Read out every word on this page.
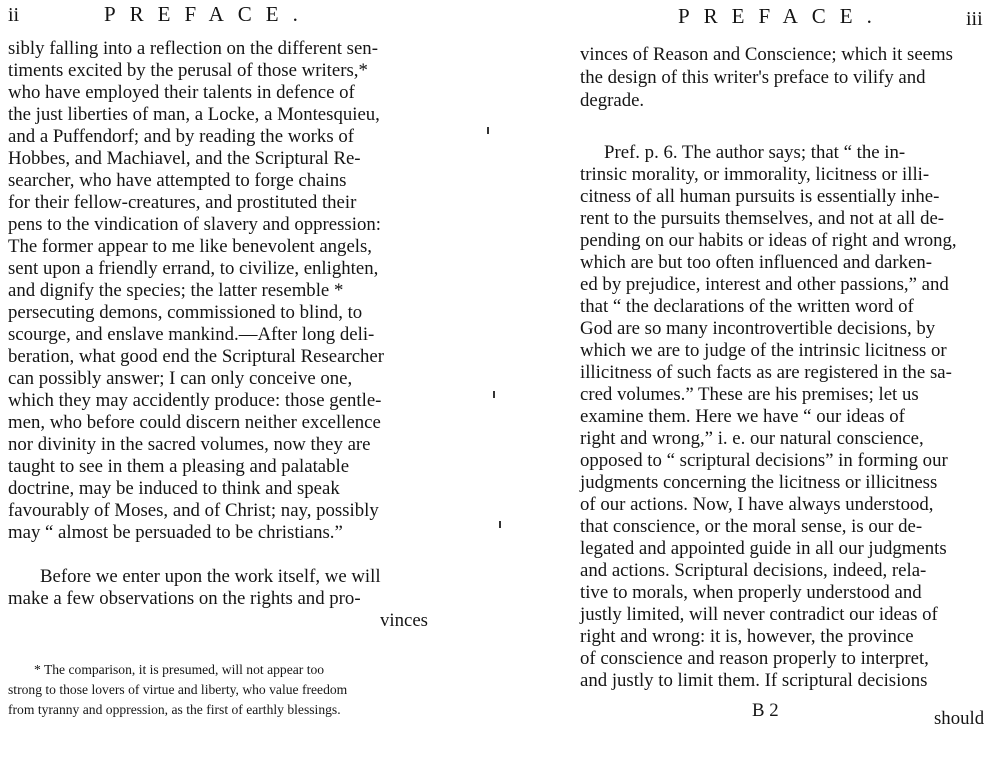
ii	PREFACE.
sibly falling into a reflection on the different sen-
timents excited by the perusal of those writers,*
who have employed their talents in defence of
the just liberties of man, a Locke, a Montesquieu,
and a Puffendorf; and by reading the works of
Hobbes, and Machiavel, and the Scriptural Re-
searcher, who have attempted to forge chains
for their fellow-creatures, and prostituted their
pens to the vindication of slavery and oppression:
The former appear to me like benevolent angels,
sent upon a friendly errand, to civilize, enlighten,
and dignify the species; the latter resemble *
persecuting demons, commissioned to blind, to
scourge, and enslave mankind.—After long deli-
beration, what good end the Scriptural Researcher
can possibly answer; I can only conceive one,
which they may accidently produce: those gentle-
men, who before could discern neither excellence
nor divinity in the sacred volumes, now they are
taught to see in them a pleasing and palatable
doctrine, may be induced to think and speak
favourably of Moses, and of Christ; nay, possibly
may “ almost be persuaded to be christians.”
Before we enter upon the work itself, we will
make a few observations on the rights and pro-
vinces
* The comparison, it is presumed, will not appear too
strong to those lovers of virtue and liberty, who value freedom
from tyranny and oppression, as the first of earthly blessings.
PREFACE.	iii
vinces of Reason and Conscience; which it seems
the design of this writer's preface to vilify and
degrade.
Pref. p. 6. The author says; that “ the in-
trinsic morality, or immorality, licitness or illi-
citness of all human pursuits is essentially inhe-
rent to the pursuits themselves, and not at all de-
pending on our habits or ideas of right and wrong,
which are but too often influenced and darken-
ed by prejudice, interest and other passions,” and
that “ the declarations of the written word of
God are so many incontrovertible decisions, by
which we are to judge of the intrinsic licitness or
illicitness of such facts as are registered in the sa-
cred volumes.” These are his premises; let us
examine them. Here we have “ our ideas of
right and wrong,” i. e. our natural conscience,
opposed to “ scriptural decisions” in forming our
judgments concerning the licitness or illicitness
of our actions. Now, I have always understood,
that conscience, or the moral sense, is our de-
legated and appointed guide in all our judgments
and actions. Scriptural decisions, indeed, rela-
tive to morals, when properly understood and
justly limited, will never contradict our ideas of
right and wrong: it is, however, the province
of conscience and reason properly to interpret,
and justly to limit them. If scriptural decisions
B 2	should
